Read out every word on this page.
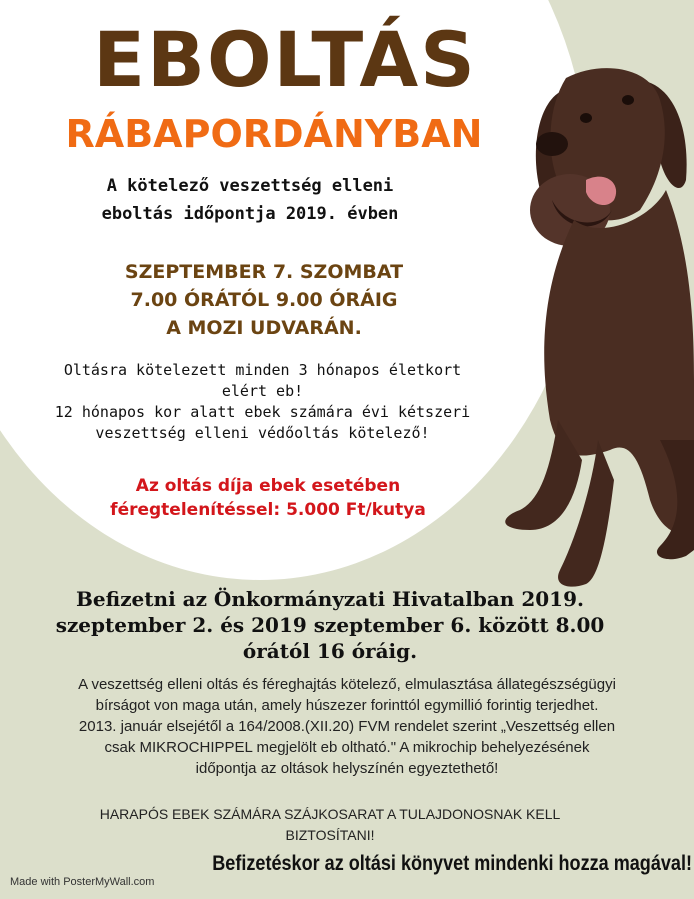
EBOLTÁS
RÁBAPORDÁNYBAN
A kötelező veszettség elleni
eboltás időpontja 2019. évben
SZEPTEMBER 7. SZOMBAT
7.00 ÓRÁTÓL 9.00 ÓRÁIG
A MOZI UDVARÁN.
Oltásra kötelezett minden 3 hónapos életkort
elért eb!
12 hónapos kor alatt ebek számára évi kétszeri
veszettség elleni védőoltás kötelező!
Az oltás díja ebek esetében
féregtelenítéssel: 5.000 Ft/kutya
Befizetni az Önkormányzati Hivatalban 2019.
szeptember 2. és 2019 szeptember 6. között 8.00
órától 16 óráig.
A veszettség elleni oltás és féreghajtás kötelező, elmulasztása állategészségügyi
bírságot von maga után, amely húszezer forinttól egymillió forintig terjedhet.
2013. január elsejétől a 164/2008.(XII.20) FVM rendelet szerint „Veszettség ellen
csak MIKROCHIPPEL megjelölt eb oltható." A mikrochip behelyezésének
időpontja az oltások helyszínén egyeztethető!
HARAPÓS EBEK SZÁMÁRA SZÁJKOSARAT A TULAJDONOSNAK KELL
BIZTOSÍTANI!
Befizetéskor az oltási könyvet mindenki hozza magával!
Made with PosterMyWall.com
